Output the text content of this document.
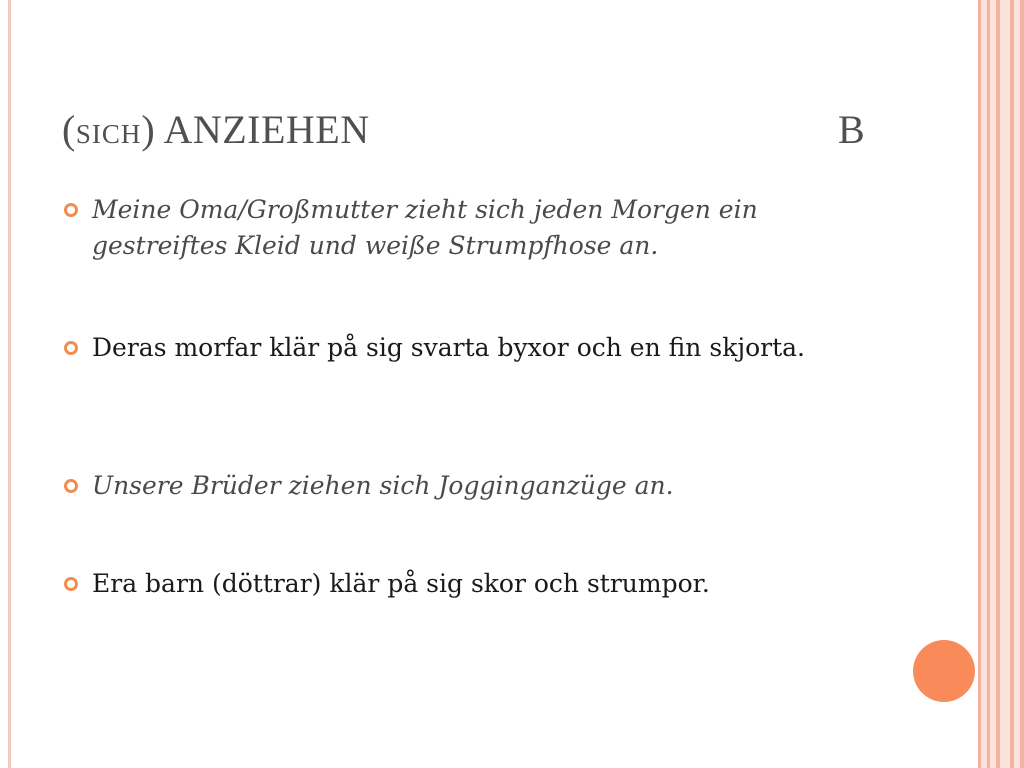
(SICH) ANZIEHEN	B
Meine Oma/Großmutter zieht sich jeden Morgen ein gestreiftes Kleid und weiße Strumpfhose an.
Deras morfar klär på sig svarta byxor och en fin skjorta.
Unsere Brüder ziehen sich Jogginganzüge an.
Era barn (döttrar) klär på sig skor och strumpor.
